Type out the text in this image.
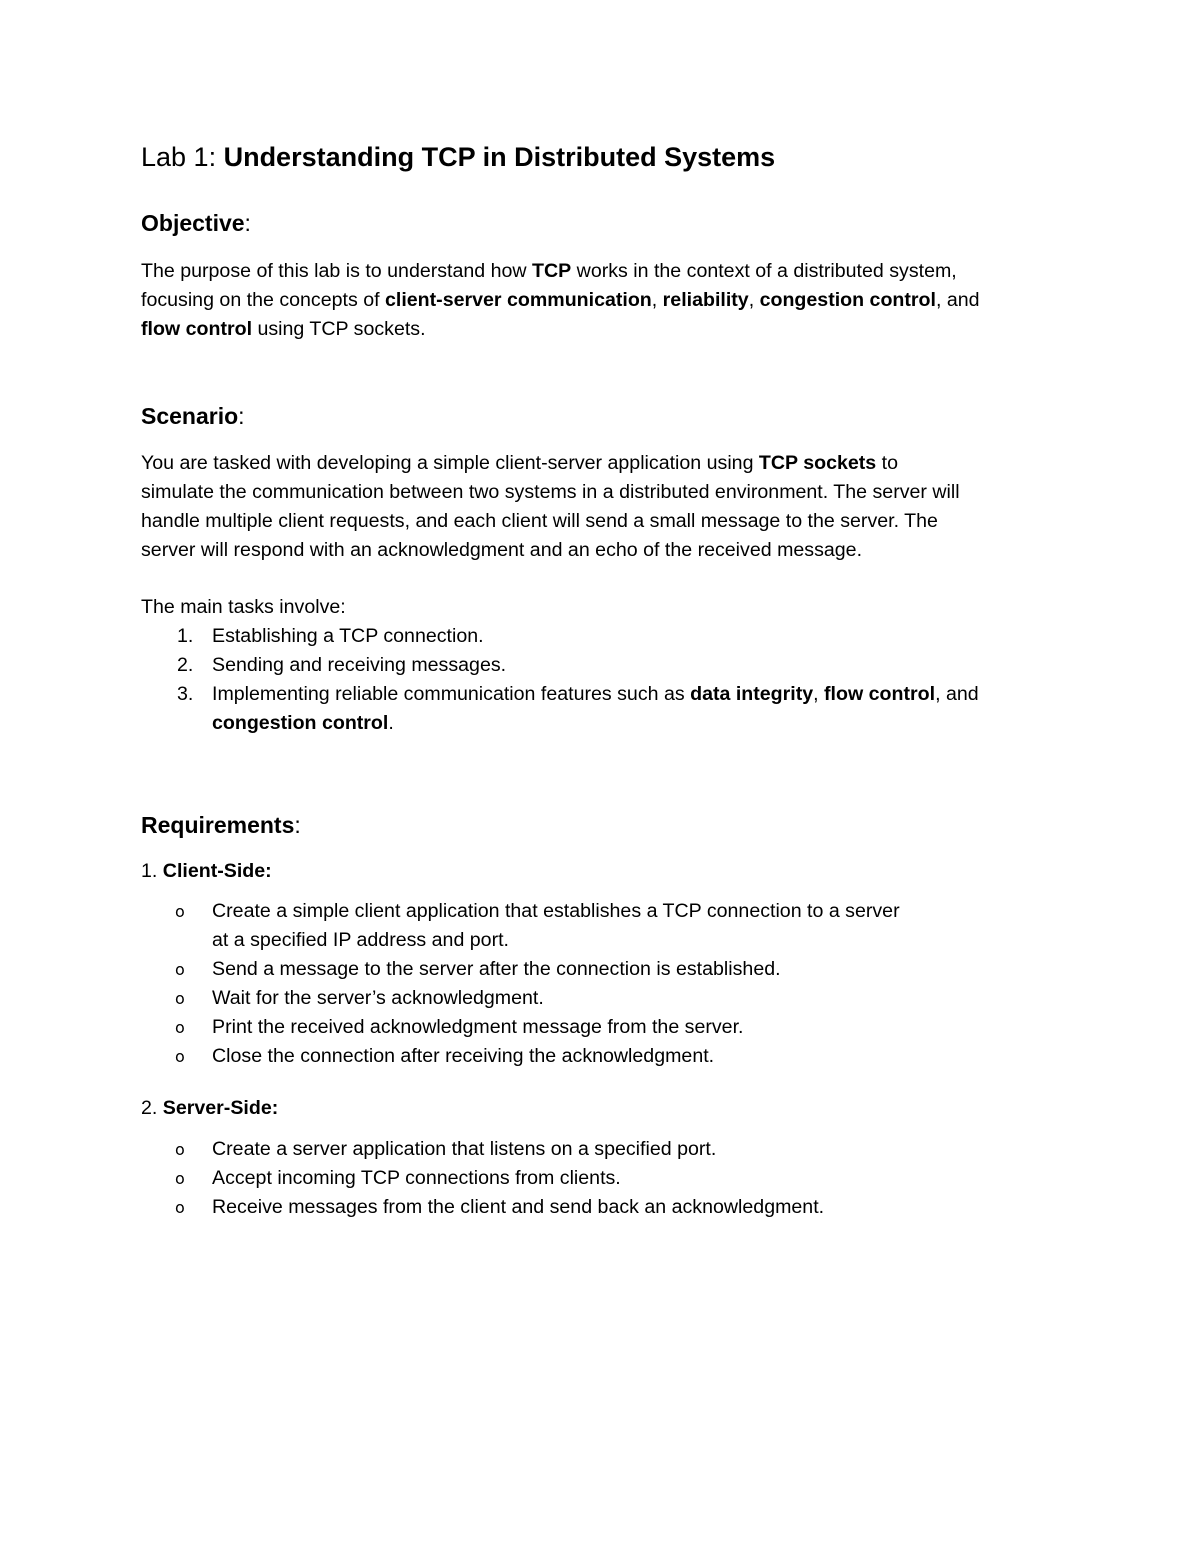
Lab 1: Understanding TCP in Distributed Systems
Objective:

The purpose of this lab is to understand how TCP works in the context of a distributed system,
focusing on the concepts of client-server communication, reliability, congestion control, and
flow control using TCP sockets.

Scenario:

You are tasked with developing a simple client-server application using TCP sockets to
simulate the communication between two systems in a distributed environment. The server will
handle multiple client requests, and each client will send a small message to the server. The
server will respond with an acknowledgment and an echo of the received message.

The main tasks involve:

1. Establishing a TCP connection.
2. Sending and receiving messages.
3. Implementing reliable communication features such as data integrity, flow control, and
congestion control.
Requirements:

1. Client-Side:

o Create a simple client application that establishes a TCP connection to a server
at a specified IP address and port.
o Send a message to the server after the connection is established.
o Wait for the server’s acknowledgment.
o Print the received acknowledgment message from the server.
o Close the connection after receiving the acknowledgment.

2. Server-Side:

o Create a server application that listens on a specified port.
o Accept incoming TCP connections from clients.
o Receive messages from the client and send back an acknowledgment.
